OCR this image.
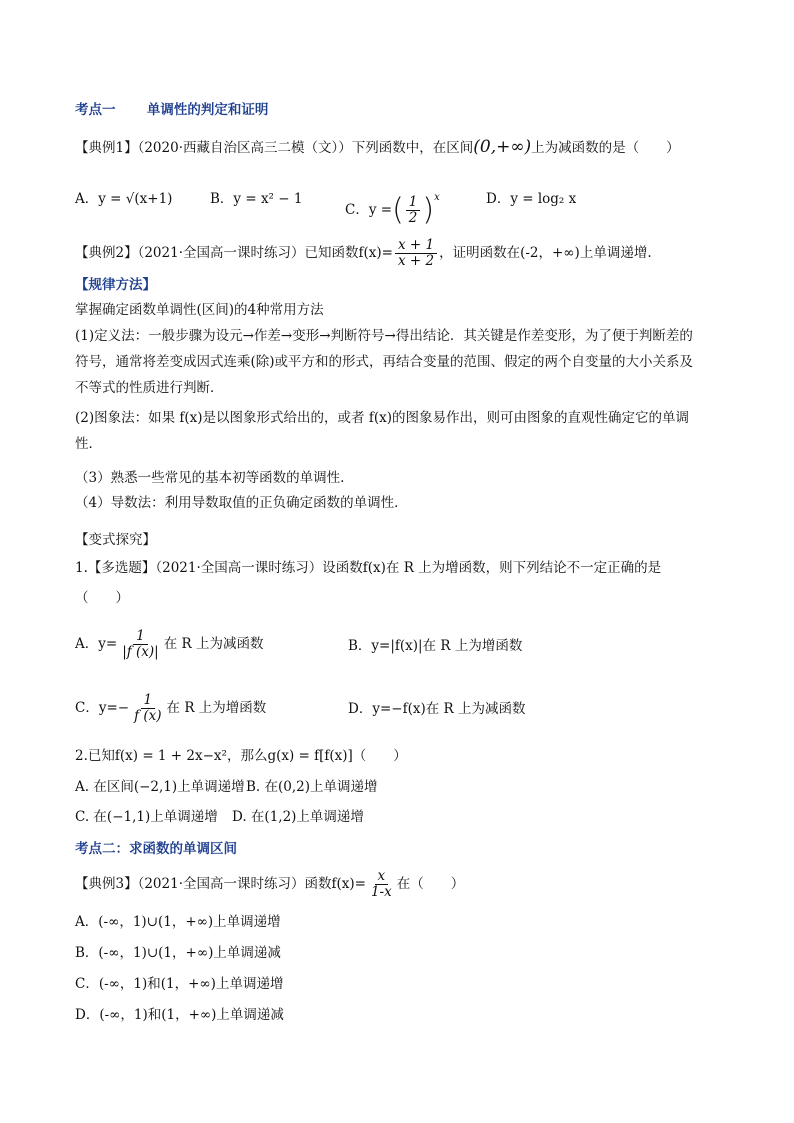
考点一 单调性的判定和证明
【典例1】（2020·西藏自治区高三二模（文））下列函数中，在区间(0,+∞)上为减函数的是（　　）
A．y = √(x+1)	B．y = x² − 1
C．y =( $\frac{1}{2} )^x$	D．y = log₂ x
【典例2】（2021·全国高一课时练习）已知函数$f(x)= \frac{x + 1}{x + 2}$ ，证明函数在(-2，+∞)上单调递增.
【规律方法】
掌握确定函数单调性(区间)的4种常用方法
(1)定义法：一般步骤为设元→作差→变形→判断符号→得出结论．其关键是作差变形，为了便于判断差的
符号，通常将差变成因式连乘(除)或平方和的形式，再结合变量的范围、假定的两个自变量的大小关系及
不等式的性质进行判断．
(2)图象法：如果 f(x)是以图象形式给出的，或者 f(x)的图象易作出，则可由图象的直观性确定它的单调
性．
（3）熟悉一些常见的基本初等函数的单调性.
（4）导数法：利用导数取值的正负确定函数的单调性．
【变式探究】
1.【多选题】（2021·全国高一课时练习）设函数f(x)在 R 上为增函数，则下列结论不一定正确的是
（　　）
A．$y= \frac{1}{|f (x)|}$ 在 R 上为减函数	B．y=|f(x)|在 R 上为增函数
C．$y=- \frac{1}{f (x)}$ 在 R 上为增函数	D．y=−f(x)在 R 上为减函数
2.已知f(x) = 1 + 2x−x²，那么g(x) = f[f(x)]（　　）
A. 在区间(−2,1)上单调递增 B. 在(0,2)上单调递增
C. 在(−1,1)上单调递增 D. 在(1,2)上单调递增
考点二：求函数的单调区间
【典例3】（2021·全国高一课时练习）函数$f(x)= \frac{x}{1-x}$ 在（　　）
A．(-∞，1)∪(1，+∞)上单调递增
B．(-∞，1)∪(1，+∞)上单调递减
C．(-∞，1)和(1，+∞)上单调递增
D．(-∞，1)和(1，+∞)上单调递减
